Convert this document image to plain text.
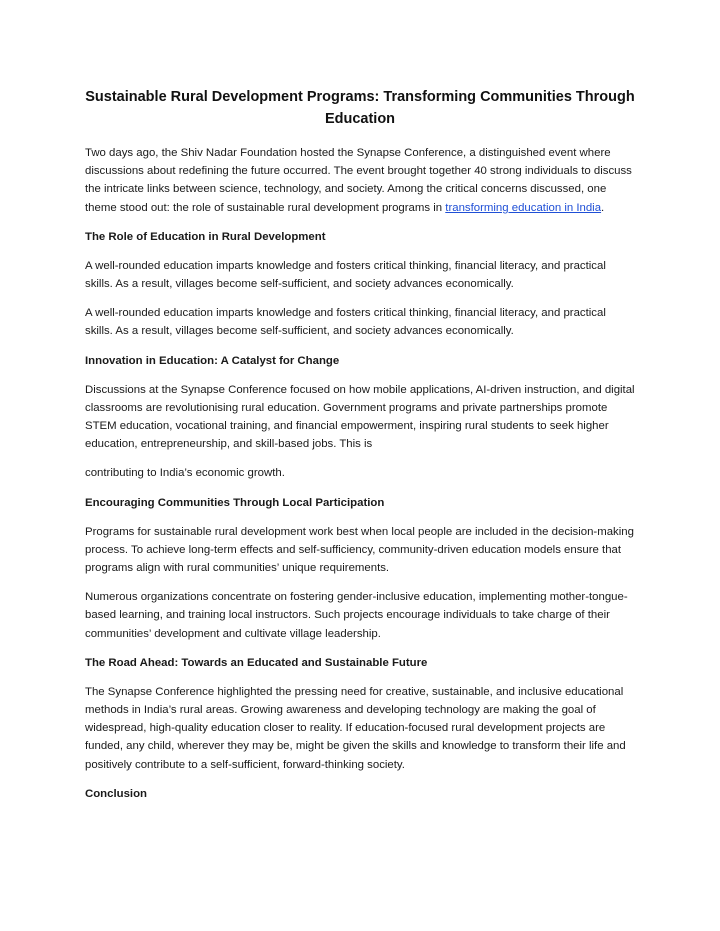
Sustainable Rural Development Programs: Transforming Communities Through Education

Two days ago, the Shiv Nadar Foundation hosted the Synapse Conference, a distinguished event where discussions about redefining the future occurred. The event brought together 40 strong individuals to discuss the intricate links between science, technology, and society. Among the critical concerns discussed, one theme stood out: the role of sustainable rural development programs in transforming education in India.

The Role of Education in Rural Development

A well-rounded education imparts knowledge and fosters critical thinking, financial literacy, and practical skills. As a result, villages become self-sufficient, and society advances economically.

A well-rounded education imparts knowledge and fosters critical thinking, financial literacy, and practical skills. As a result, villages become self-sufficient, and society advances economically.

Innovation in Education: A Catalyst for Change

Discussions at the Synapse Conference focused on how mobile applications, AI-driven instruction, and digital classrooms are revolutionising rural education. Government programs and private partnerships promote STEM education, vocational training, and financial empowerment, inspiring rural students to seek higher education, entrepreneurship, and skill-based jobs. This is

contributing to India’s economic growth.

Encouraging Communities Through Local Participation

Programs for sustainable rural development work best when local people are included in the decision-making process. To achieve long-term effects and self-sufficiency, community-driven education models ensure that programs align with rural communities’ unique requirements.

Numerous organizations concentrate on fostering gender-inclusive education, implementing mother-tongue-based learning, and training local instructors. Such projects encourage individuals to take charge of their communities’ development and cultivate village leadership.

The Road Ahead: Towards an Educated and Sustainable Future

The Synapse Conference highlighted the pressing need for creative, sustainable, and inclusive educational methods in India’s rural areas. Growing awareness and developing technology are making the goal of widespread, high-quality education closer to reality. If education-focused rural development projects are funded, any child, wherever they may be, might be given the skills and knowledge to transform their life and positively contribute to a self-sufficient, forward-thinking society.

Conclusion
